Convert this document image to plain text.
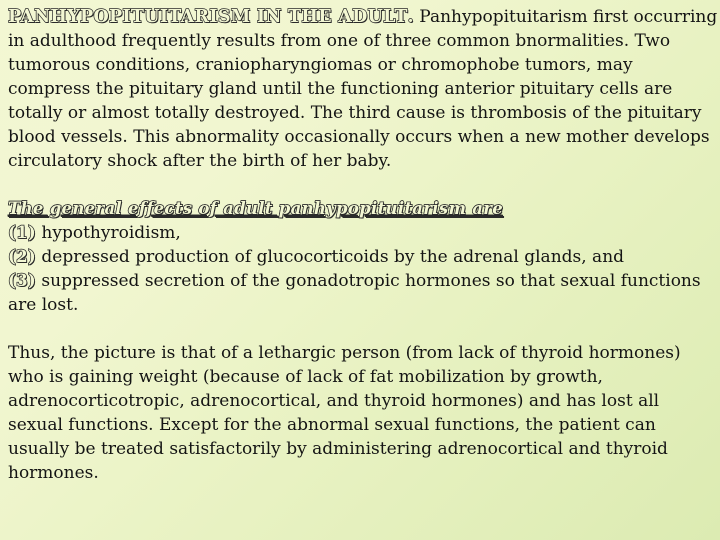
PANHYPOPITUITARISM IN THE ADULT. Panhypopituitarism first occurring
in adulthood frequently results from one of three common bnormalities. Two
tumorous conditions, craniopharyngiomas or chromophobe tumors, may
compress the pituitary gland until the functioning anterior pituitary cells are
totally or almost totally destroyed. The third cause is thrombosis of the pituitary
blood vessels. This abnormality occasionally occurs when a new mother develops
circulatory shock after the birth of her baby.
The general effects of adult panhypopituitarism are
(1) hypothyroidism,
(2) depressed production of glucocorticoids by the adrenal glands, and
(3) suppressed secretion of the gonadotropic hormones so that sexual functions
are lost.
Thus, the picture is that of a lethargic person (from lack of thyroid hormones)
who is gaining weight (because of lack of fat mobilization by growth,
adrenocorticotropic, adrenocortical, and thyroid hormones) and has lost all
sexual functions. Except for the abnormal sexual functions, the patient can
usually be treated satisfactorily by administering adrenocortical and thyroid
hormones.
